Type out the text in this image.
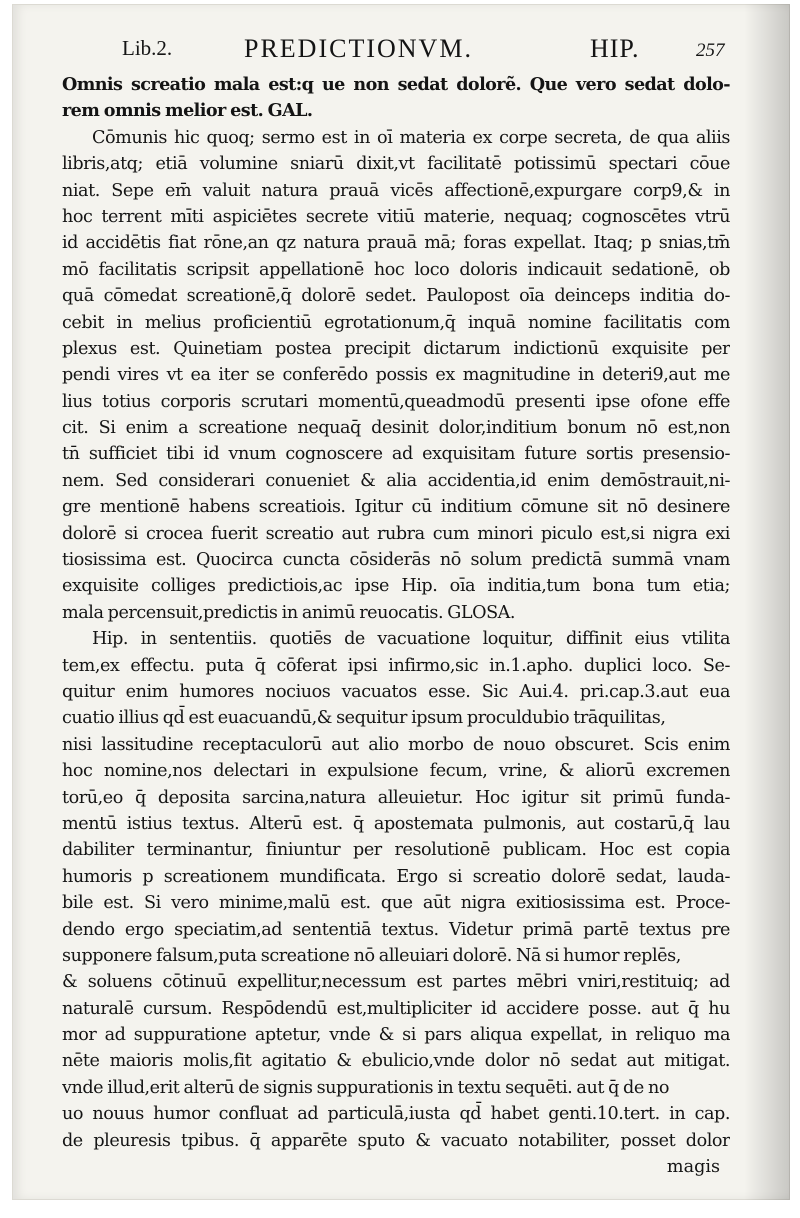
Lib.2.	PREDICTIONVM.	HIP.	257
Omnis screatio mala est:q ue non sedat dolorẽ. Que vero sedat dolo-
rem omnis melior est. GAL.
Cōmunis hic quoq; sermo est in oī materia ex corpe secreta, de qua aliis
libris,atq; etiā volumine sniarū dixit,vt facilitatē potissimū spectari cōue
niat. Sepe em̄ valuit natura prauā vicēs affectionē,expurgare corp9,& in
hoc terrent mīti aspiciētes secrete vitiū materie, nequaq; cognoscētes vtrū
id accidētis fiat rōne,an qz natura prauā mā; foras expellat. Itaq; p snias,tm̄
mō facilitatis scripsit appellationē hoc loco doloris indicauit sedationē, ob
quā cōmedat screationē,q̄ dolorē sedet. Paulopost oīa deinceps inditia do-
cebit in melius proficientiū egrotationum,q̄ inquā nomine facilitatis com
plexus est. Quinetiam postea precipit dictarum indictionū exquisite per
pendi vires vt ea iter se conferēdo possis ex magnitudine in deteri9,aut me
lius totius corporis scrutari momentū,queadmodū presenti ipse ofone effe
cit. Si enim a screatione nequaq̄ desinit dolor,inditium bonum nō est,non
tn̄ sufficiet tibi id vnum cognoscere ad exquisitam future sortis presensio-
nem. Sed considerari conueniet & alia accidentia,id enim demōstrauit,ni-
gre mentionē habens screatiois. Igitur cū inditium cōmune sit nō desinere
dolorē si crocea fuerit screatio aut rubra cum minori piculo est,si nigra exi
tiosissima est. Quocirca cuncta cōsiderās nō solum predictā summā vnam
exquisite colliges predictiois,ac ipse Hip. oīa inditia,tum bona tum etia;
mala percensuit,predictis in animū reuocatis. GLOSA.
Hip. in sententiis. quotiēs de vacuatione loquitur, diffinit eius vtilita
tem,ex effectu. puta q̄ cōferat ipsi infirmo,sic in.1.apho. duplici loco. Se-
quitur enim humores nociuos vacuatos esse. Sic Aui.4. pri.cap.3.aut eua
cuatio illius qd̄ est euacuandū,& sequitur ipsum proculdubio trāquilitas,
nisi lassitudine receptaculorū aut alio morbo de nouo obscuret. Scis enim
hoc nomine,nos delectari in expulsione fecum, vrine, & aliorū excremen
torū,eo q̄ deposita sarcina,natura alleuietur. Hoc igitur sit primū funda-
mentū istius textus. Alterū est. q̄ apostemata pulmonis, aut costarū,q̄ lau
dabiliter terminantur, finiuntur per resolutionē publicam. Hoc est copia
humoris p screationem mundificata. Ergo si screatio dolorē sedat, lauda-
bile est. Si vero minime,malū est. que aūt nigra exitiosissima est. Proce-
dendo ergo speciatim,ad sententiā textus. Videtur primā partē textus pre
supponere falsum,puta screatione nō alleuiari dolorē. Nā si humor replēs,
& soluens cōtinuū expellitur,necessum est partes mēbri vniri,restituiq; ad
naturalē cursum. Respōdendū est,multipliciter id accidere posse. aut q̄ hu
mor ad suppuratione aptetur, vnde & si pars aliqua expellat, in reliquo ma
nēte maioris molis,fit agitatio & ebulicio,vnde dolor nō sedat aut mitigat.
vnde illud,erit alterū de signis suppurationis in textu sequēti. aut q̄ de no
uo nouus humor confluat ad particulā,iusta qd̄ habet genti.10.tert. in cap.
de pleuresis tpibus. q̄ apparēte sputo & vacuato notabiliter, posset dolor
magis
